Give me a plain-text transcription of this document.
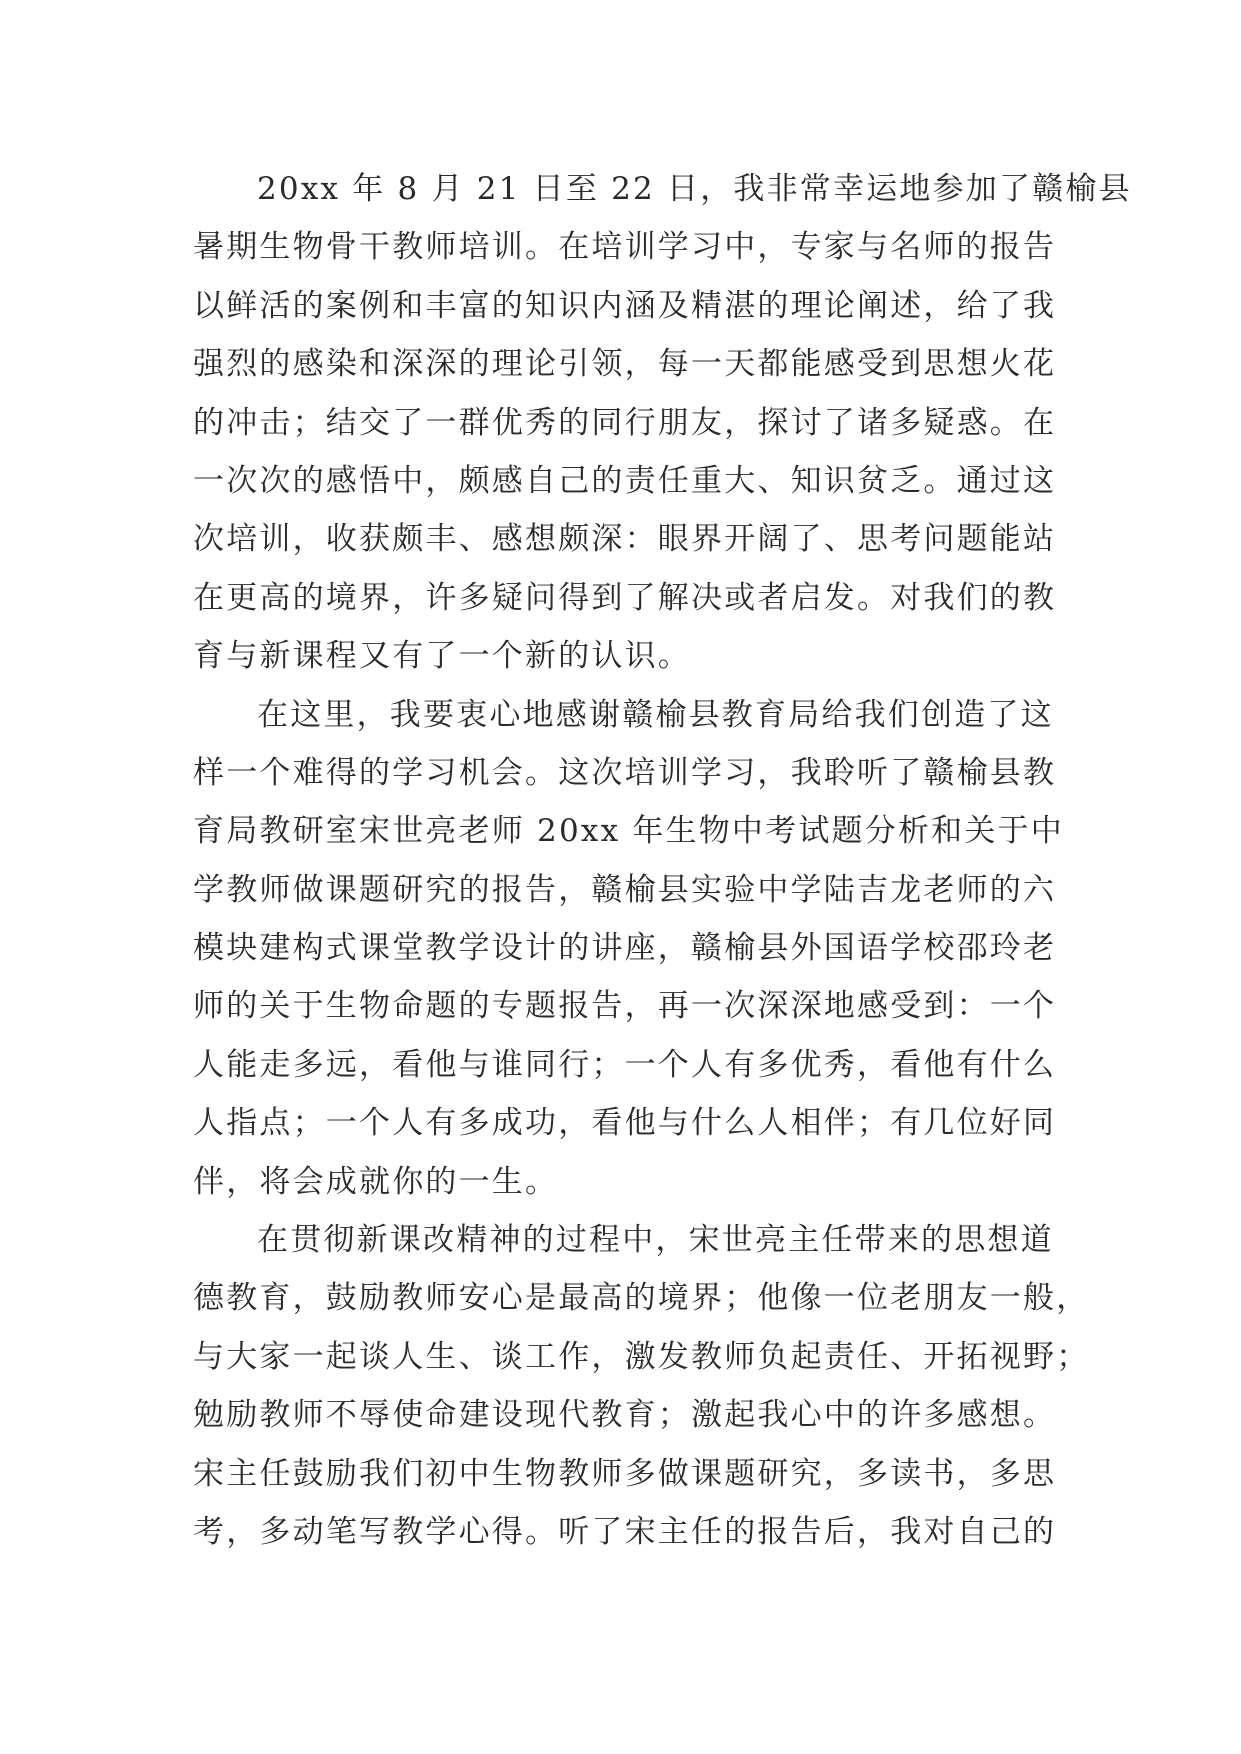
20xx 年 8 月 21 日至 22 日，我非常幸运地参加了赣榆县
暑期生物骨干教师培训。在培训学习中，专家与名师的报告
以鲜活的案例和丰富的知识内涵及精湛的理论阐述，给了我
强烈的感染和深深的理论引领，每一天都能感受到思想火花
的冲击；结交了一群优秀的同行朋友，探讨了诸多疑惑。在
一次次的感悟中，颇感自己的责任重大、知识贫乏。通过这
次培训，收获颇丰、感想颇深：眼界开阔了、思考问题能站
在更高的境界，许多疑问得到了解决或者启发。对我们的教
育与新课程又有了一个新的认识。
在这里，我要衷心地感谢赣榆县教育局给我们创造了这
样一个难得的学习机会。这次培训学习，我聆听了赣榆县教
育局教研室宋世亮老师 20xx 年生物中考试题分析和关于中
学教师做课题研究的报告，赣榆县实验中学陆吉龙老师的六
模块建构式课堂教学设计的讲座，赣榆县外国语学校邵玲老
师的关于生物命题的专题报告，再一次深深地感受到：一个
人能走多远，看他与谁同行；一个人有多优秀，看他有什么
人指点；一个人有多成功，看他与什么人相伴；有几位好同
伴，将会成就你的一生。
在贯彻新课改精神的过程中，宋世亮主任带来的思想道
德教育，鼓励教师安心是最高的境界；他像一位老朋友一般，
与大家一起谈人生、谈工作，激发教师负起责任、开拓视野；
勉励教师不辱使命建设现代教育；激起我心中的许多感想。
宋主任鼓励我们初中生物教师多做课题研究，多读书，多思
考，多动笔写教学心得。听了宋主任的报告后，我对自己的
